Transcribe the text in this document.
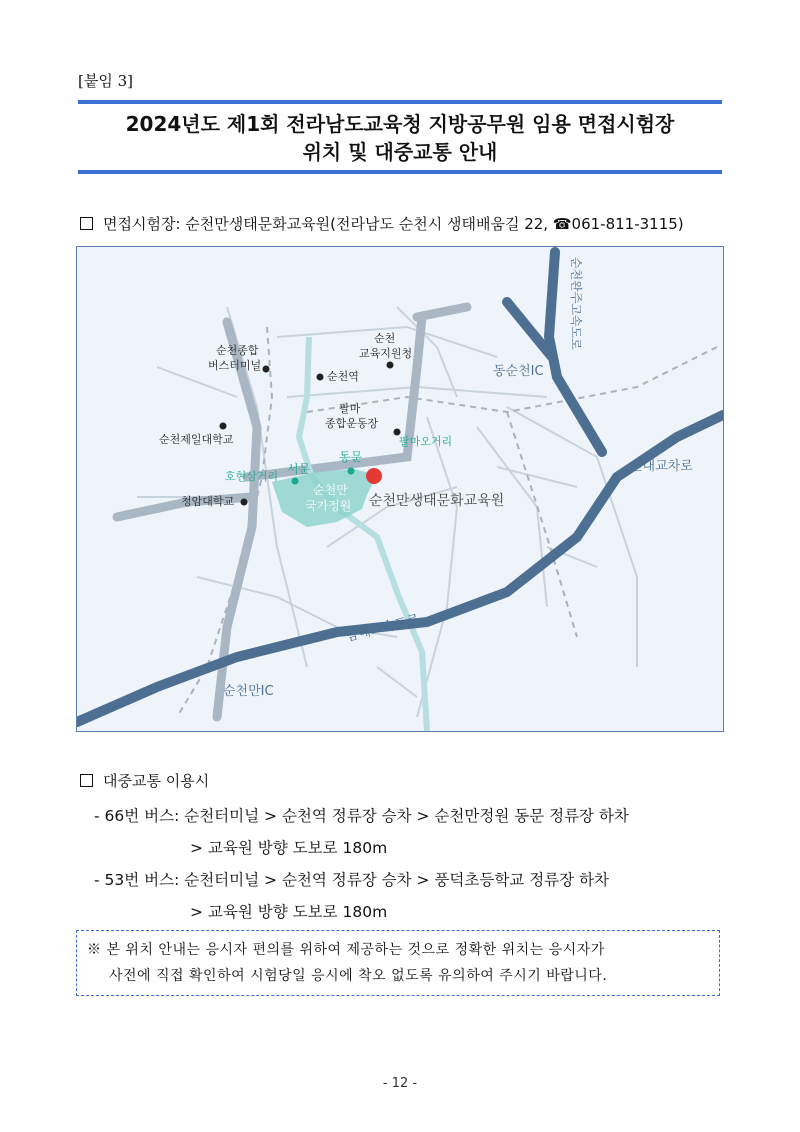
[붙임 3]
2024년도 제1회 전라남도교육청 지방공무원 임용 면접시험장
위치 및 대중교통 안내
면접시험장: 순천만생태문화교육원(전라남도 순천시 생태배움길 22, ☎061-811-3115)
순천완주고속도로
동순천IC
신대교차로
남해고속도로
순천만IC
순천종합
버스터미널
순천역
순천
교육지원청
순천제일대학교
팔마
종합운동장
팔마오거리
호현삼거리
서문
동문
순천만
국가정원 순천만생태문화교육원
청암대학교
대중교통 이용시
- 66번 버스: 순천터미널 > 순천역 정류장 승차 > 순천만정원 동문 정류장 하차
> 교육원 방향 도보로 180m
- 53번 버스: 순천터미널 > 순천역 정류장 승차 > 풍덕초등학교 정류장 하차
> 교육원 방향 도보로 180m
※ 본 위치 안내는 응시자 편의를 위하여 제공하는 것으로 정확한 위치는 응시자가
사전에 직접 확인하여 시험당일 응시에 착오 없도록 유의하여 주시기 바랍니다.
- 12 -
